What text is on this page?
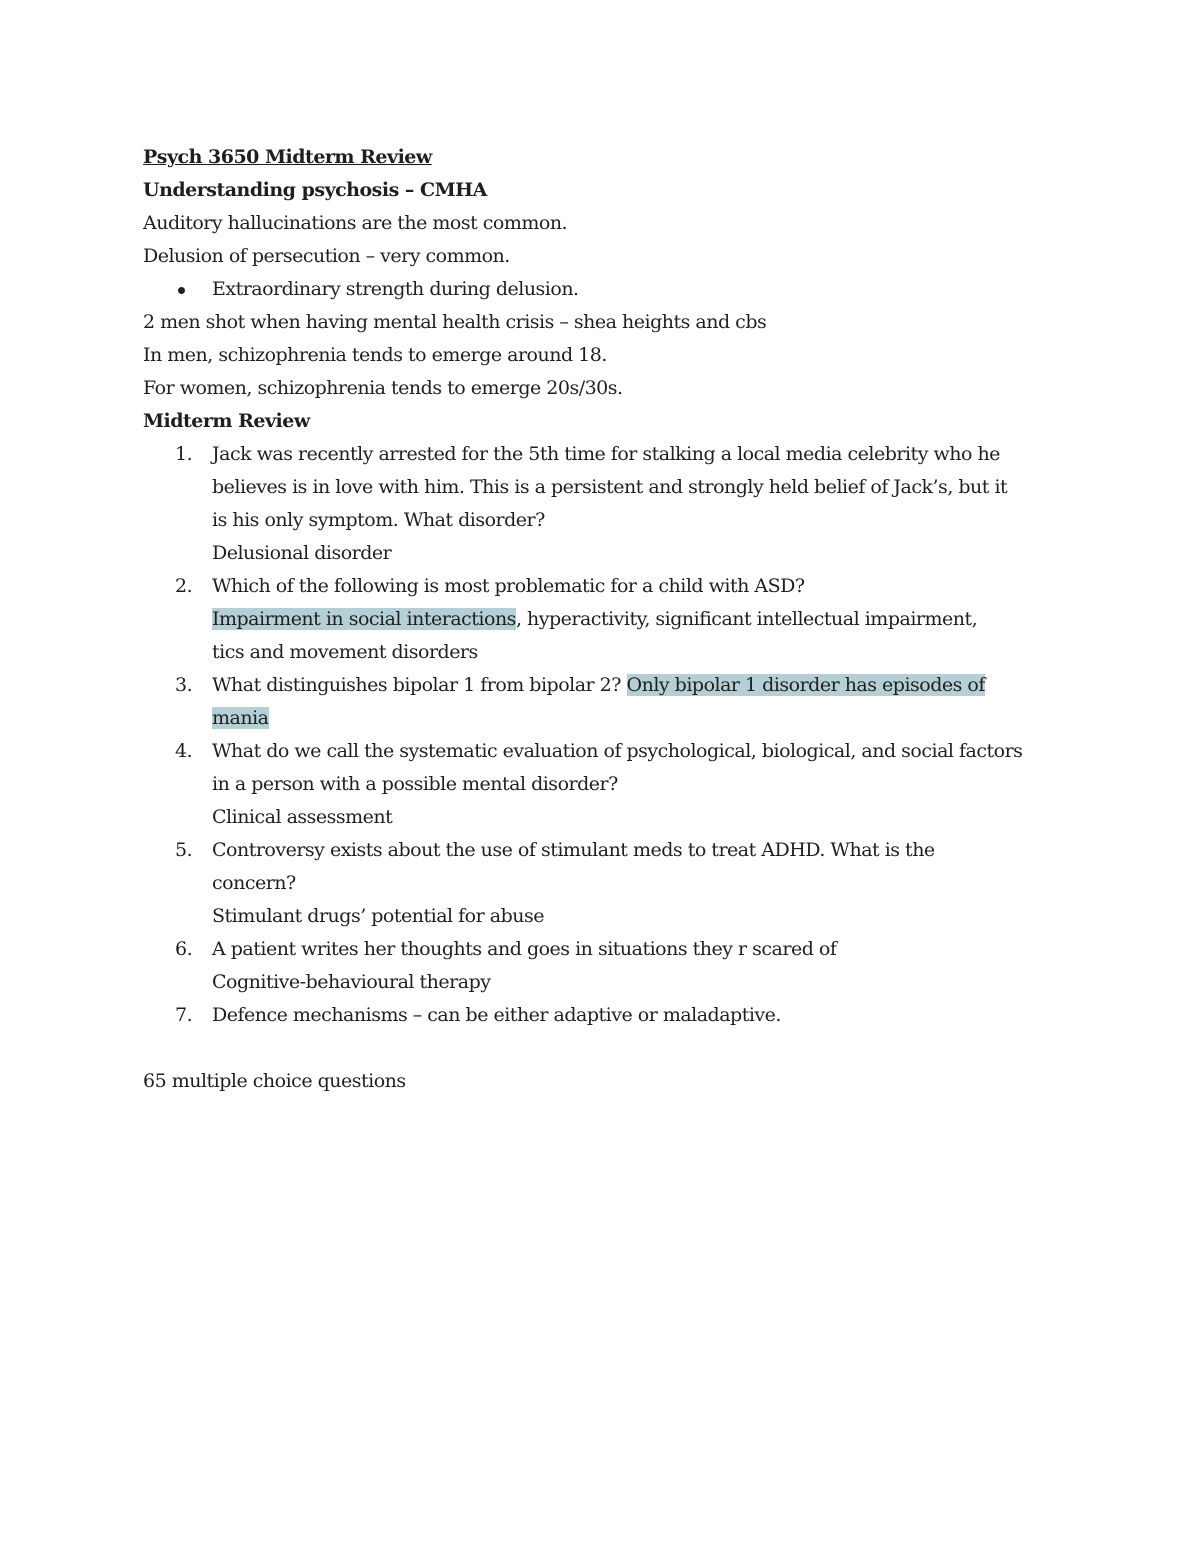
Psych 3650 Midterm Review
Understanding psychosis – CMHA
Auditory hallucinations are the most common.
Delusion of persecution – very common.
Extraordinary strength during delusion.
2 men shot when having mental health crisis – shea heights and cbs
In men, schizophrenia tends to emerge around 18.
For women, schizophrenia tends to emerge 20s/30s.
Midterm Review
1. Jack was recently arrested for the 5th time for stalking a local media celebrity who he
believes is in love with him. This is a persistent and strongly held belief of Jack’s, but it
is his only symptom. What disorder?
Delusional disorder
2. Which of the following is most problematic for a child with ASD?
Impairment in social interactions, hyperactivity, significant intellectual impairment,
tics and movement disorders
3. What distinguishes bipolar 1 from bipolar 2? Only bipolar 1 disorder has episodes of
mania
4. What do we call the systematic evaluation of psychological, biological, and social factors
in a person with a possible mental disorder?
Clinical assessment
5. Controversy exists about the use of stimulant meds to treat ADHD. What is the
concern?
Stimulant drugs’ potential for abuse
6. A patient writes her thoughts and goes in situations they r scared of
Cognitive-behavioural therapy
7. Defence mechanisms – can be either adaptive or maladaptive.
65 multiple choice questions
